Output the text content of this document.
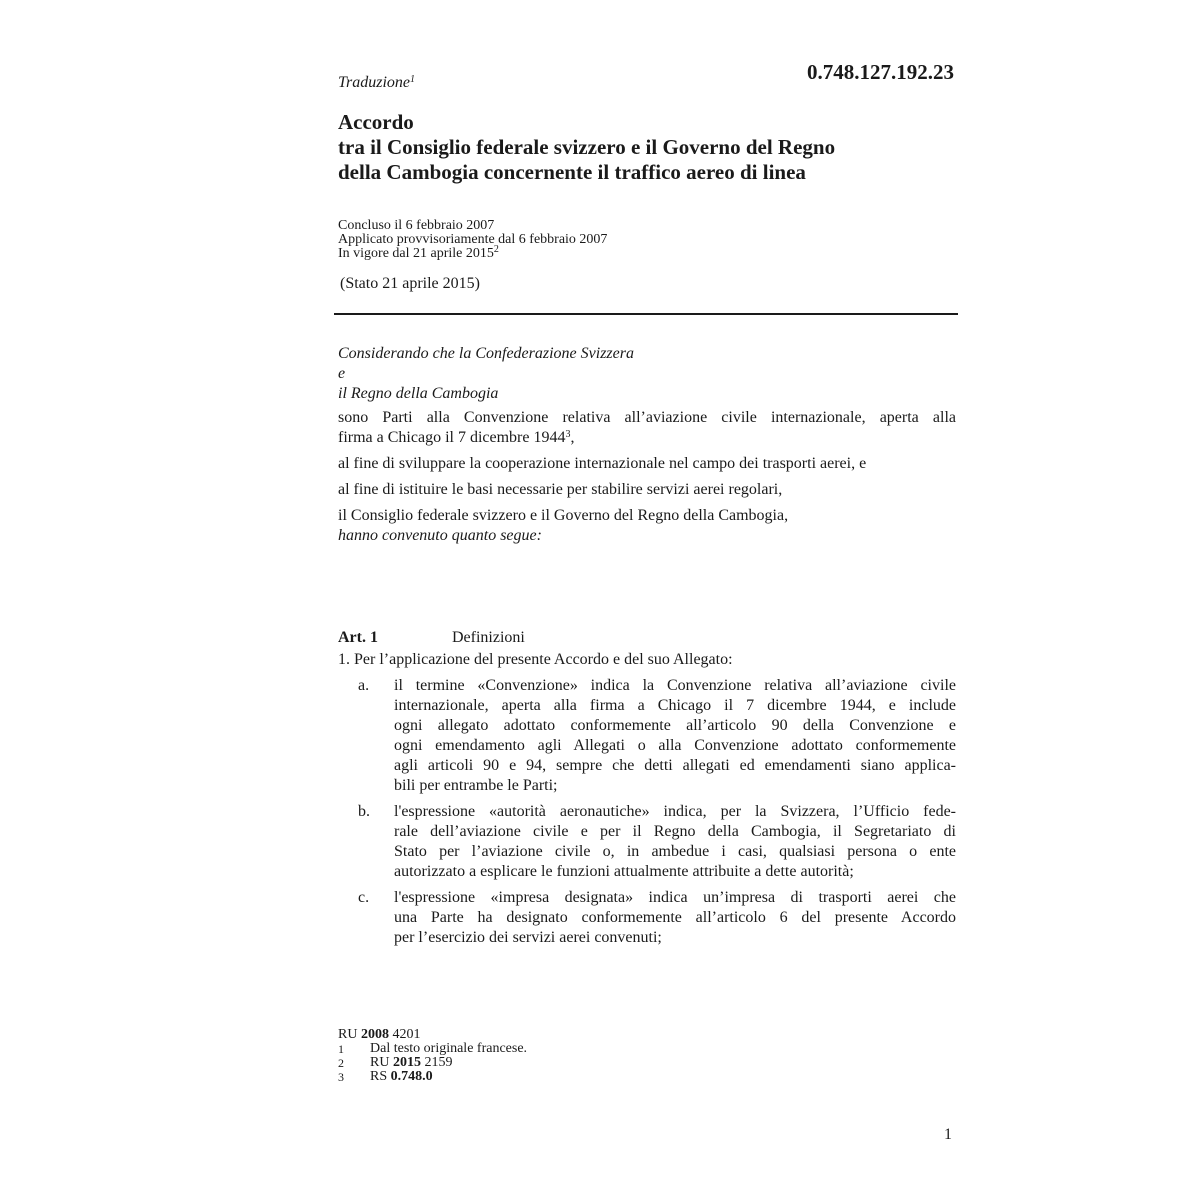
Traduzione$^1$	0.748.127.192.23
Accordo
tra il Consiglio federale svizzero e il Governo del Regno
della Cambogia concernente il traffico aereo di linea
Concluso il 6 febbraio 2007
Applicato provvisoriamente dal 6 febbraio 2007
In vigore dal 21 aprile 2015$^2$
(Stato 21 aprile 2015)
Considerando che la Confederazione Svizzera
e
il Regno della Cambogia
sono Parti alla Convenzione relativa all’aviazione civile internazionale, aperta alla
firma a Chicago il 7 dicembre 1944$^3$,
al fine di sviluppare la cooperazione internazionale nel campo dei trasporti aerei, e
al fine di istituire le basi necessarie per stabilire servizi aerei regolari,
il Consiglio federale svizzero e il Governo del Regno della Cambogia,
hanno convenuto quanto segue:
Art. 1	Definizioni
1. Per l’applicazione del presente Accordo e del suo Allegato:
a.	il termine «Convenzione» indica la Convenzione relativa all’aviazione civile
internazionale, aperta alla firma a Chicago il 7 dicembre 1944, e include
ogni allegato adottato conformemente all’articolo 90 della Convenzione e
ogni emendamento agli Allegati o alla Convenzione adottato conformemente
agli articoli 90 e 94, sempre che detti allegati ed emendamenti siano applica-
bili per entrambe le Parti;
b.	l'espressione «autorità aeronautiche» indica, per la Svizzera, l’Ufficio fede-
rale dell’aviazione civile e per il Regno della Cambogia, il Segretariato di
Stato per l’aviazione civile o, in ambedue i casi, qualsiasi persona o ente
autorizzato a esplicare le funzioni attualmente attribuite a dette autorità;
c.	l'espressione «impresa designata» indica un’impresa di trasporti aerei che
una Parte ha designato conformemente all’articolo 6 del presente Accordo
per l’esercizio dei servizi aerei convenuti;
RU 2008 4201
1	Dal testo originale francese.
2	RU 2015 2159
3	RS 0.748.0
1
